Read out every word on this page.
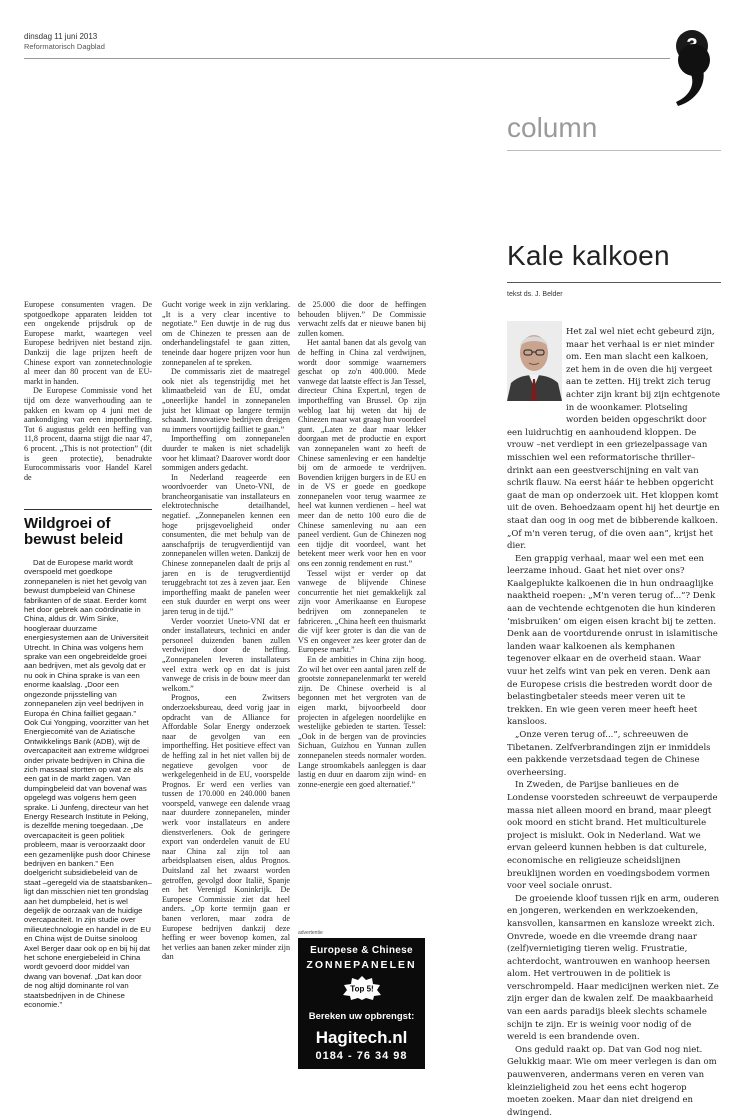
dinsdag 11 juni 2013
Reformatorisch Dagblad
column
Kale kalkoen
tekst ds. J. Belder

Europese consumenten vragen. De spotgoedkope apparaten leidden tot een ongekende prijsdruk op de Europese markt, waartegen veel Europese bedrijven niet bestand zijn. Dankzij die lage prijzen heeft de Chinese export van zonnetechnologie al meer dan 80 procent van de EU-markt in handen.

De Europese Commissie vond het tijd om deze wanverhouding aan te pakken en kwam op 4 juni met de aankondiging van een importheffing. Tot 6 augustus geldt een heffing van 11,8 procent, daarna stijgt die naar 47, 6 procent. „This is not protection” (dit is geen protectie), benadrukte Eurocommissaris voor Handel Karel de

Wildgroei of bewust beleid

Dat de Europese markt wordt overspoeld met goedkope zonnepanelen is niet het gevolg van bewust dumpbeleid van Chinese fabrikanten of de staat. Eerder komt het door gebrek aan coördinatie in China, aldus dr. Wim Sinke, hoogleraar duurzame energiesystemen aan de Universiteit Utrecht. In China was volgens hem sprake van een ongebreidelde groei aan bedrijven, met als gevolg dat er nu ook in China sprake is van een enorme kaalslag. „Door een ongezonde prijsstelling van zonnepanelen zijn veel bedrijven in Europa én China failliet gegaan.” Ook Cui Yongping, voorzitter van het Energiecomité van de Aziatische Ontwikkelings Bank (ADB), wijt de overcapaciteit aan extreme wildgroei onder private bedrijven in China die zich massaal stortten op wat ze als een gat in de markt zagen. Van dumpingbeleid dat van bovenaf was opgelegd was volgens hem geen sprake. Li Junfeng, directeur van het Energy Research Institute in Peking, is dezelfde mening toegedaan. „De overcapaciteit is geen politiek probleem, maar is veroorzaakt door een gezamenlijke push door Chinese bedrijven en banken.” Een doelgericht subsidiebeleid van de staat –geregeld via de staatsbanken– ligt dan misschien niet ten grondslag aan het dumpbeleid, het is wel degelijk de oorzaak van de huidige overcapaciteit. In zijn studie over milieutechnologie en handel in de EU en China wijst de Duitse sinoloog Axel Berger daar ook op en bij hij dat het schone energiebeleid in China wordt gevoerd door middel van dwang van bovenaf. „Dat kan door de nog altijd dominante rol van staatsbedrijven in de Chinese economie.”

Gucht vorige week in zijn verklaring. „It is a very clear incentive to negotiate.” Een duwtje in de rug dus om de Chinezen te pressen aan de onderhandelingstafel te gaan zitten, teneinde daar hogere prijzen voor hun zonnepanelen af te spreken.

De commissaris ziet de maatregel ook niet als tegenstrijdig met het klimaatbeleid van de EU, omdat „oneerlijke handel in zonnepanelen juist het klimaat op langere termijn schaadt. Innovatieve bedrijven dreigen nu immers voortijdig failliet te gaan.”

Importheffing om zonnepanelen duurder te maken is niet schadelijk voor het klimaat? Daarover wordt door sommigen anders gedacht.

In Nederland reageerde een woordvoerder van Uneto-VNI, de brancheorganisatie van installateurs en elektrotechnische detailhandel, negatief. „Zonnepanelen kennen een hoge prijsgevoeligheid onder consumenten, die met behulp van de aanschafprijs de terugverdientijd van zonnepanelen willen weten. Dankzij de Chinese zonnepanelen daalt de prijs al jaren en is de terugverdientijd teruggebracht tot zes à zeven jaar. Een importheffing maakt de panelen weer een stuk duurder en werpt ons weer jaren terug in de tijd.”

Verder voorziet Uneto-VNI dat er onder installateurs, technici en ander personeel duizenden banen zullen verdwijnen door de heffing. „Zonnepanelen leveren installateurs veel extra werk op en dat is juist vanwege de crisis in de bouw meer dan welkom.”

Prognos, een Zwitsers onderzoeksbureau, deed vorig jaar in opdracht van de Alliance for Affordable Solar Energy onderzoek naar de gevolgen van een importheffing. Het positieve effect van de heffing zal in het niet vallen bij de negatieve gevolgen voor de werkgelegenheid in de EU, voorspelde Prognos. Er werd een verlies van tussen de 170.000 en 240.000 banen voorspeld, vanwege een dalende vraag naar duurdere zonnepanelen, minder werk voor installateurs en andere dienstverleners. Ook de geringere export van onderdelen vanuit de EU naar China zal zijn tol aan arbeidsplaatsen eisen, aldus Prognos. Duitsland zal het zwaarst worden getroffen, gevolgd door Italië, Spanje en het Verenigd Koninkrijk. De Europese Commissie ziet dat heel anders. „Op korte termijn gaan er banen verloren, maar zodra de Europese bedrijven dankzij deze heffing er weer bovenop komen, zal het verlies aan banen zeker minder zijn dan

de 25.000 die door de heffingen behouden blijven.” De Commissie verwacht zelfs dat er nieuwe banen bij zullen komen.

Het aantal banen dat als gevolg van de heffing in China zal verdwijnen, wordt door sommige waarnemers geschat op zo'n 400.000. Mede vanwege dat laatste effect is Jan Tessel, directeur China Expert.nl, tegen de importheffing van Brussel. Op zijn weblog laat hij weten dat hij de Chinezen maar wat graag hun voordeel gunt. „Laten ze daar maar lekker doorgaan met de productie en export van zonnepanelen want zo heeft de Chinese samenleving er een handeltje bij om de armoede te verdrijven. Bovendien krijgen burgers in de EU en in de VS er goede en goedkope zonnepanelen voor terug waarmee ze heel wat kunnen verdienen – heel wat meer dan de netto 100 euro die de Chinese samenleving nu aan een paneel verdient. Gun de Chinezen nog een tijdje dit voordeel, want het betekent meer werk voor hen en voor ons een zonnig rendement en rust.”

Tessel wijst er verder op dat vanwege de blijvende Chinese concurrentie het niet gemakkelijk zal zijn voor Amerikaanse en Europese bedrijven om zonnepanelen te fabriceren. „China heeft een thuismarkt die vijf keer groter is dan die van de VS en ongeveer zes keer groter dan de Europese markt.”

En de ambities in China zijn hoog. Zo wil het over een aantal jaren zelf de grootste zonnepanelenmarkt ter wereld zijn. De Chinese overheid is al begonnen met het vergroten van de eigen markt, bijvoorbeeld door projecten in afgelegen noordelijke en westelijke gebieden te starten. Tessel: „Ook in de bergen van de provincies Sichuan, Guizhou en Yunnan zullen zonnepanelen steeds normaler worden. Lange stroomkabels aanleggen is daar lastig en duur en daarom zijn wind- en zonne-energie een goed alternatief.”

advertentie
Europese & Chinese
ZONNEPANELEN
Top 5!
Bereken uw opbrengst:
Hagitech.nl
0184 - 76 34 98

Het zal wel niet echt gebeurd zijn, maar het verhaal is er niet minder om. Een man slacht een kalkoen, zet hem in de oven die hij vergeet aan te zetten. Hij trekt zich terug achter zijn krant bij zijn echtgenote in de woonkamer. Plotseling worden beiden opgeschrikt door een luidruchtig en aanhoudend kloppen. De vrouw –net verdiept in een griezelpassage van misschien wel een reformatorische thriller– drinkt aan een geestverschijning en valt van schrik flauw. Na eerst háár te hebben opgericht gaat de man op onderzoek uit. Het kloppen komt uit de oven. Behoedzaam opent hij het deurtje en staat dan oog in oog met de bibberende kalkoen. „Of m'n veren terug, of die oven aan”, krijst het dier.

Een grappig verhaal, maar wel een met een leerzame inhoud. Gaat het niet over ons? Kaalgeplukte kalkoenen die in hun ondraaglijke naaktheid roepen: „M'n veren terug of...”? Denk aan de vechtende echtgenoten die hun kinderen ‘misbruiken’ om eigen eisen kracht bij te zetten. Denk aan de voortdurende onrust in islamitische landen waar kalkoenen als kemphanen tegenover elkaar en de overheid staan. Waar vuur het zelfs wint van pek en veren. Denk aan de Europese crisis die bestreden wordt door de belastingbetaler steeds meer veren uit te trekken. En wie geen veren meer heeft heet kansloos.

„Onze veren terug of...”, schreeuwen de Tibetanen. Zelfverbrandingen zijn er inmiddels een pakkende verzetsdaad tegen de Chinese overheersing.

In Zweden, de Parijse banlieues en de Londense voorsteden schreeuwt de verpauperde massa niet alleen moord en brand, maar pleegt ook moord en sticht brand. Het multiculturele project is mislukt. Ook in Nederland. Wat we ervan geleerd kunnen hebben is dat culturele, economische en religieuze scheidslijnen breuklijnen worden en voedingsbodem vormen voor veel sociale onrust.

De groeiende kloof tussen rijk en arm, ouderen en jongeren, werkenden en werkzoekenden, kansvollen, kansarmen en kansloze wreekt zich. Onvrede, woede en die vreemde drang naar (zelf)vernietiging tieren welig. Frustratie, achterdocht, wantrouwen en wanhoop heersen alom. Het vertrouwen in de politiek is verschrompeld. Haar medicijnen werken niet. Ze zijn erger dan de kwalen zelf. De maakbaarheid van een aards paradijs bleek slechts schamele schijn te zijn. Er is weinig voor nodig of de wereld is een brandende oven.

Ons geduld raakt op. Dat van God nog niet. Gelukkig maar. Wie om meer verlegen is dan om pauwenveren, andermans veren en veren van kleinzieligheid zou het eens echt hogerop moeten zoeken. Maar dan niet dreigend en dwingend.
